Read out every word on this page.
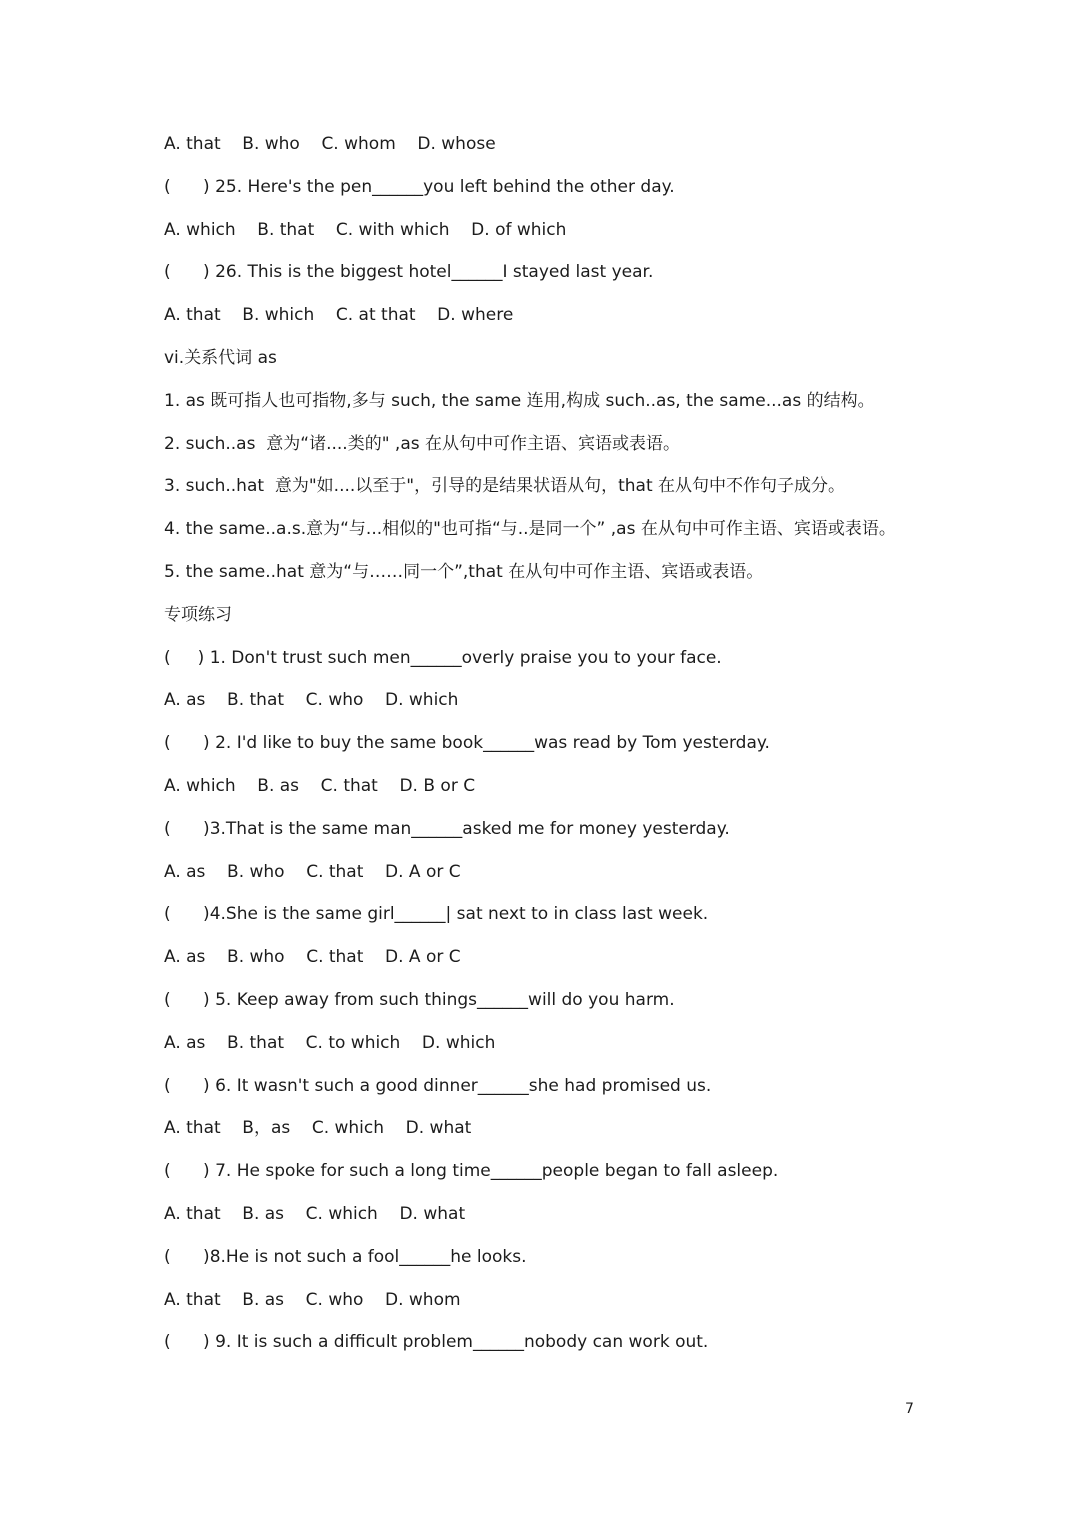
A. that    B. who    C. whom    D. whose
(      ) 25. Here's the pen______you left behind the other day.
A. which    B. that    C. with which    D. of which
(      ) 26. This is the biggest hotel______I stayed last year.
A. that    B. which    C. at that    D. where
vi.关系代词 as
1. as 既可指人也可指物,多与 such, the same 连用,构成 such..as, the same...as 的结构。
2. such..as  意为“诸....类的" ,as 在从句中可作主语、宾语或表语。
3. such..hat  意为"如....以至于"，引导的是结果状语从句，that 在从句中不作句子成分。
4. the same..a.s.意为“与...相似的"也可指“与..是同一个” ,as 在从句中可作主语、宾语或表语。
5. the same..hat 意为“与……同一个”,that 在从句中可作主语、宾语或表语。
专项练习
(     ) 1. Don't trust such men______overly praise you to your face.
A. as    B. that    C. who    D. which
(      ) 2. I'd like to buy the same book______was read by Tom yesterday.
A. which    B. as    C. that    D. B or C
(      )3.That is the same man______asked me for money yesterday.
A. as    B. who    C. that    D. A or C
(      )4.She is the same girl______| sat next to in class last week.
A. as    B. who    C. that    D. A or C
(      ) 5. Keep away from such things______will do you harm.
A. as    B. that    C. to which    D. which
(      ) 6. It wasn't such a good dinner______she had promised us.
A. that    B，as    C. which    D. what
(      ) 7. He spoke for such a long time______people began to fall asleep.
A. that    B. as    C. which    D. what
(      )8.He is not such a fool______he looks.
A. that    B. as    C. who    D. whom
(      ) 9. It is such a difficult problem______nobody can work out.
7
